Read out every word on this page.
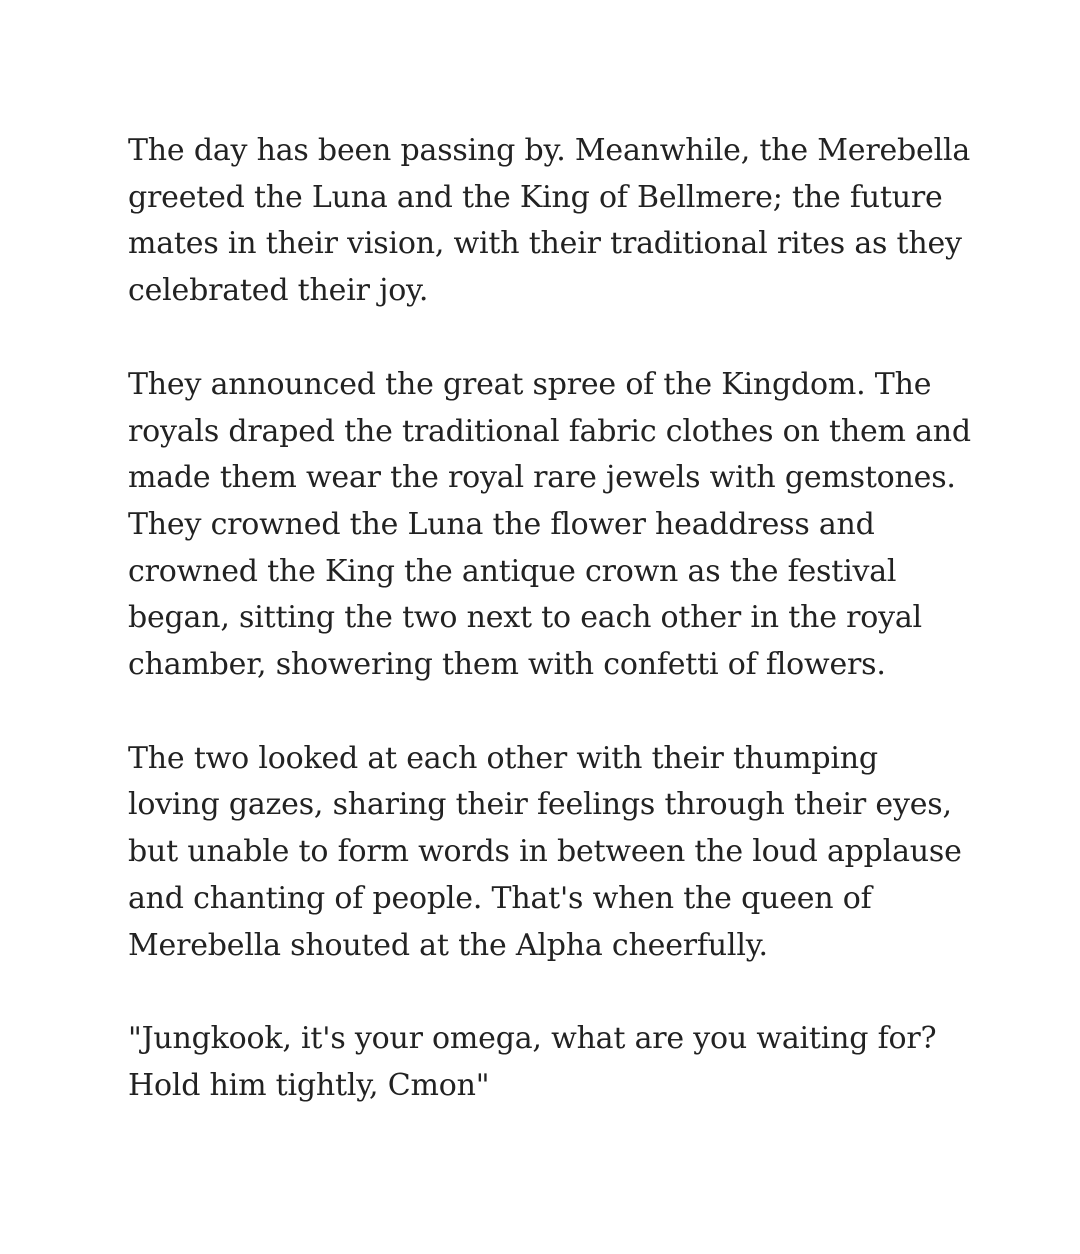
The day has been passing by. Meanwhile, the Merebella
greeted the Luna and the King of Bellmere; the future
mates in their vision, with their traditional rites as they
celebrated their joy.

They announced the great spree of the Kingdom. The
royals draped the traditional fabric clothes on them and
made them wear the royal rare jewels with gemstones.
They crowned the Luna the flower headdress and
crowned the King the antique crown as the festival
began, sitting the two next to each other in the royal
chamber, showering them with confetti of flowers.

The two looked at each other with their thumping
loving gazes, sharing their feelings through their eyes,
but unable to form words in between the loud applause
and chanting of people. That's when the queen of
Merebella shouted at the Alpha cheerfully.

"Jungkook, it's your omega, what are you waiting for?
Hold him tightly, Cmon"
